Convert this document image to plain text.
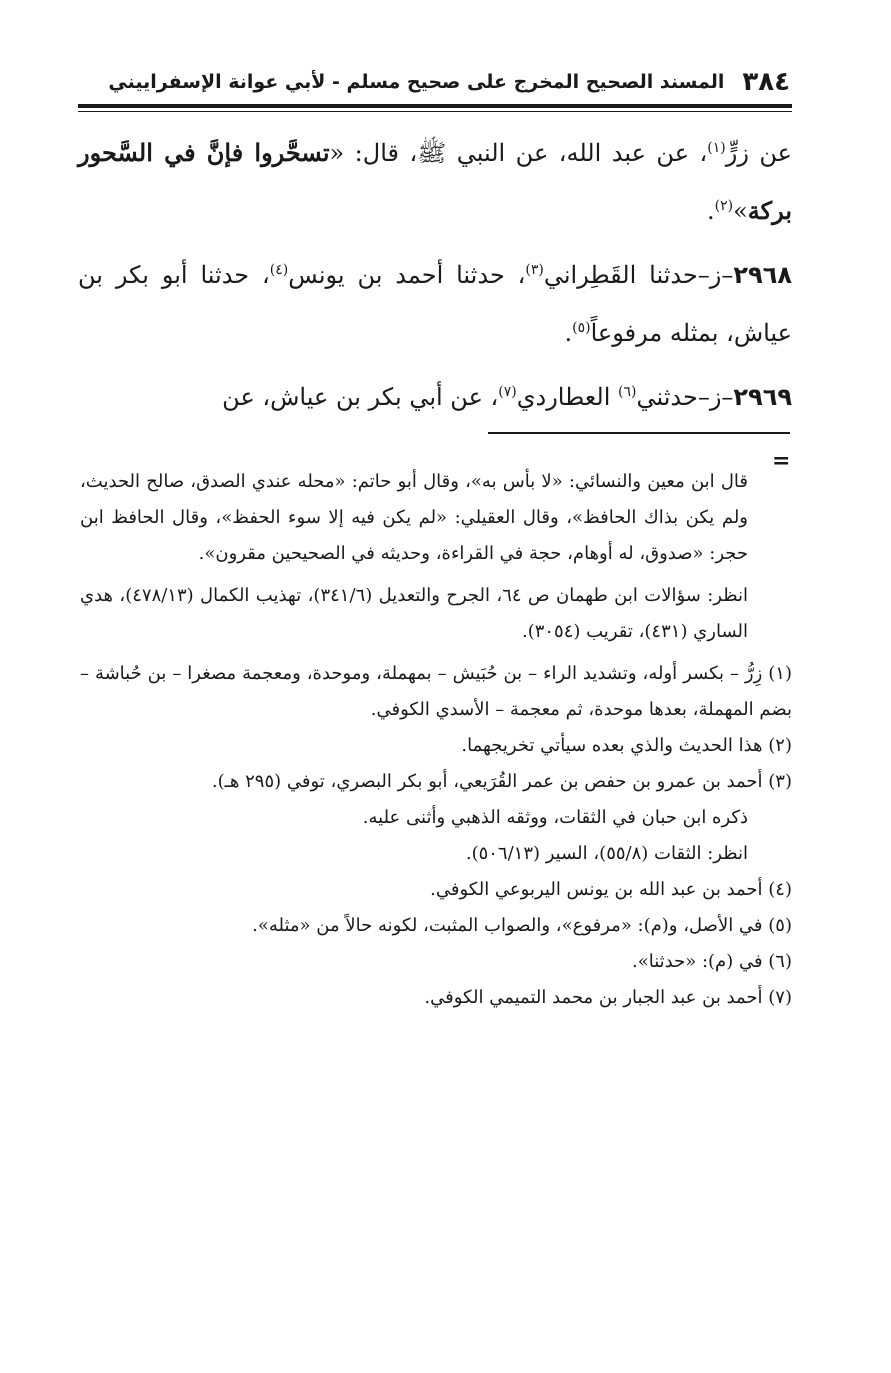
٣٨٤
المسند الصحيح المخرج على صحيح مسلم - لأبي عوانة الإسفراييني

عن زرٍّ$^{(١)}$، عن عبد الله، عن النبي ﷺ، قال: «تسحَّروا فإنَّ في السَّحور بركة»$^{(٢)}$.

٢٩٦٨–ز–حدثنا القَطِراني$^{(٣)}$، حدثنا أحمد بن يونس$^{(٤)}$، حدثنا أبو بكر بن عياش، بمثله مرفوعاً$^{(٥)}$.

٢٩٦٩–ز–حدثني$^{(٦)}$ العطاردي$^{(٧)}$، عن أبي بكر بن عياش، عن

=

قال ابن معين والنسائي: «لا بأس به»، وقال أبو حاتم: «محله عندي الصدق، صالح الحديث، ولم يكن بذاك الحافظ»، وقال العقيلي: «لم يكن فيه إلا سوء الحفظ»، وقال الحافظ ابن حجر: «صدوق، له أوهام، حجة في القراءة، وحديثه في الصحيحين مقرون».

انظر: سؤالات ابن طهمان ص ٦٤، الجرح والتعديل (٣٤١/٦)، تهذيب الكمال (٤٧٨/١٣)، هدي الساري (٤٣١)، تقريب (٣٠٥٤).

(١) زِرُّ – بكسر أوله، وتشديد الراء – بن حُبَيش – بمهملة، وموحدة، ومعجمة مصغرا – بن حُباشة – بضم المهملة، بعدها موحدة، ثم معجمة – الأسدي الكوفي.

(٢) هذا الحديث والذي بعده سيأتي تخريجهما.

(٣) أحمد بن عمرو بن حفص بن عمر القُرَيعي، أبو بكر البصري، توفي (٢٩٥ هـ).

ذكره ابن حبان في الثقات، ووثقه الذهبي وأثنى عليه.

انظر: الثقات (٥٥/٨)، السير (٥٠٦/١٣).

(٤) أحمد بن عبد الله بن يونس اليربوعي الكوفي.

(٥) في الأصل، و(م): «مرفوع»، والصواب المثبت، لكونه حالاً من «مثله».

(٦) في (م): «حدثنا».

(٧) أحمد بن عبد الجبار بن محمد التميمي الكوفي.
